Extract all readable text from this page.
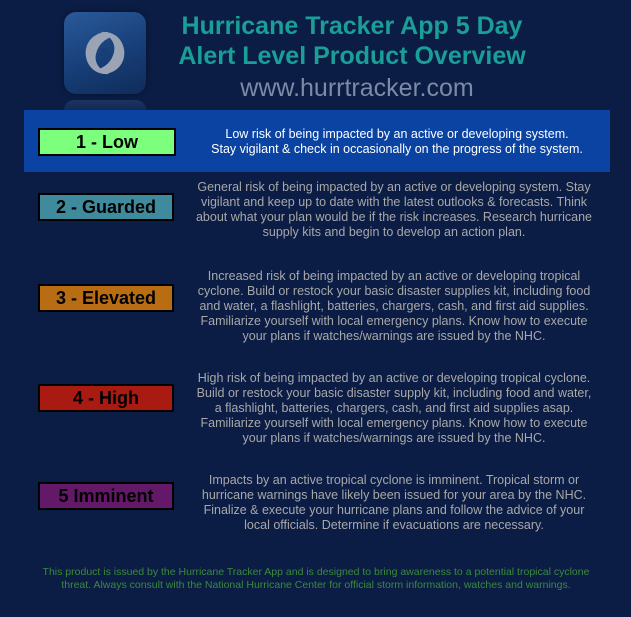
Hurricane Tracker App 5 Day
Alert Level Product Overview
www.hurrtracker.com
1 - Low	Low risk of being impacted by an active or developing system.
Stay vigilant & check in occasionally on the progress of the system.
2 - Guarded
General risk of being impacted by an active or developing system. Stay
vigilant and keep up to date with the latest outlooks & forecasts. Think
about what your plan would be if the risk increases. Research hurricane
supply kits and begin to develop an action plan.
3 - Elevated
Increased risk of being impacted by an active or developing tropical
cyclone. Build or restock your basic disaster supplies kit, including food
and water, a flashlight, batteries, chargers, cash, and first aid supplies.
Familiarize yourself with local emergency plans. Know how to execute
your plans if watches/warnings are issued by the NHC.
4 - High
High risk of being impacted by an active or developing tropical cyclone.
Build or restock your basic disaster supply kit, including food and water,
a flashlight, batteries, chargers, cash, and first aid supplies asap.
Familiarize yourself with local emergency plans. Know how to execute
your plans if watches/warnings are issued by the NHC.
5 Imminent
Impacts by an active tropical cyclone is imminent. Tropical storm or
hurricane warnings have likely been issued for your area by the NHC.
Finalize & execute your hurricane plans and follow the advice of your
local officials. Determine if evacuations are necessary.
This product is issued by the Hurricane Tracker App and is designed to bring awareness to a potential tropical cyclone
threat. Always consult with the National Hurricane Center for official storm information, watches and warnings.
